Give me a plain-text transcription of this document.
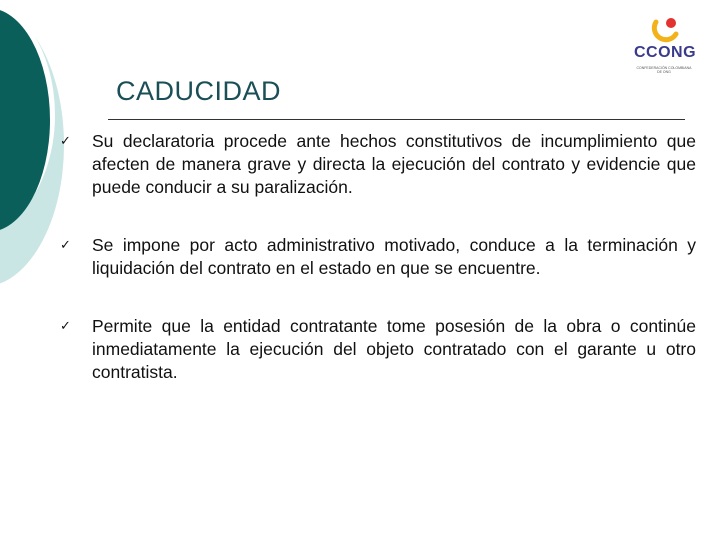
CCONG
CONFEDERACIÓN COLOMBIANA DE ONG
CADUCIDAD
✓ Su declaratoria procede ante hechos constitutivos de incumplimiento que afecten de manera grave y directa la ejecución del contrato y evidencie que puede conducir a su paralización.
✓ Se impone por acto administrativo motivado, conduce a la terminación y liquidación del contrato en el estado en que se encuentre.
✓ Permite que la entidad contratante tome posesión de la obra o continúe inmediatamente la ejecución del objeto contratado con el garante u otro contratista.
